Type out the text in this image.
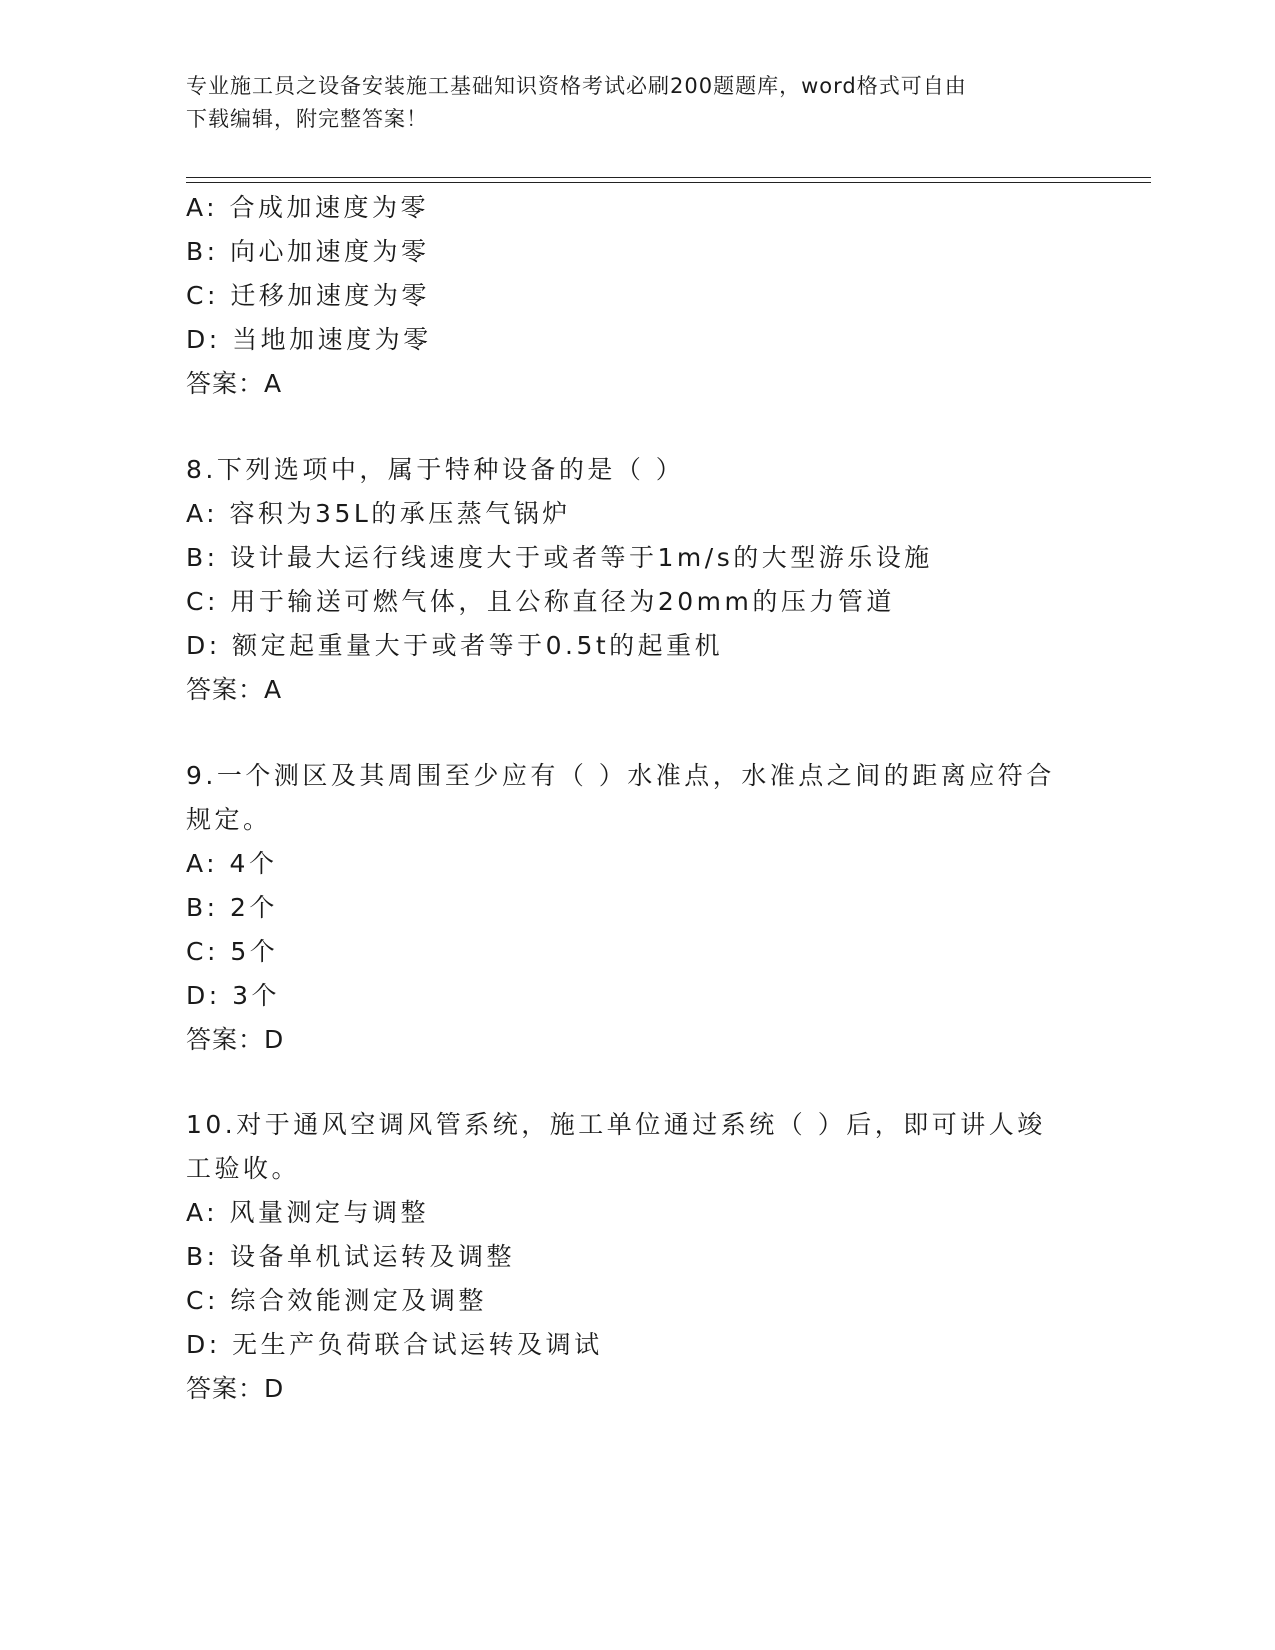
专业施工员之设备安装施工基础知识资格考试必刷200题题库，word格式可自由
下载编辑，附完整答案！
A: 合成加速度为零
B: 向心加速度为零
C: 迁移加速度为零
D: 当地加速度为零
答案：A
8.下列选项中，属于特种设备的是（ ）
A: 容积为35L的承压蒸气锅炉
B: 设计最大运行线速度大于或者等于1m/s的大型游乐设施
C: 用于输送可燃气体，且公称直径为20mm的压力管道
D: 额定起重量大于或者等于0.5t的起重机
答案：A
9.一个测区及其周围至少应有（ ）水准点，水准点之间的距离应符合
规定。
A: 4个
B: 2个
C: 5个
D: 3个
答案：D
10.对于通风空调风管系统，施工单位通过系统（ ）后，即可讲人竣
工验收。
A: 风量测定与调整
B: 设备单机试运转及调整
C: 综合效能测定及调整
D: 无生产负荷联合试运转及调试
答案：D
